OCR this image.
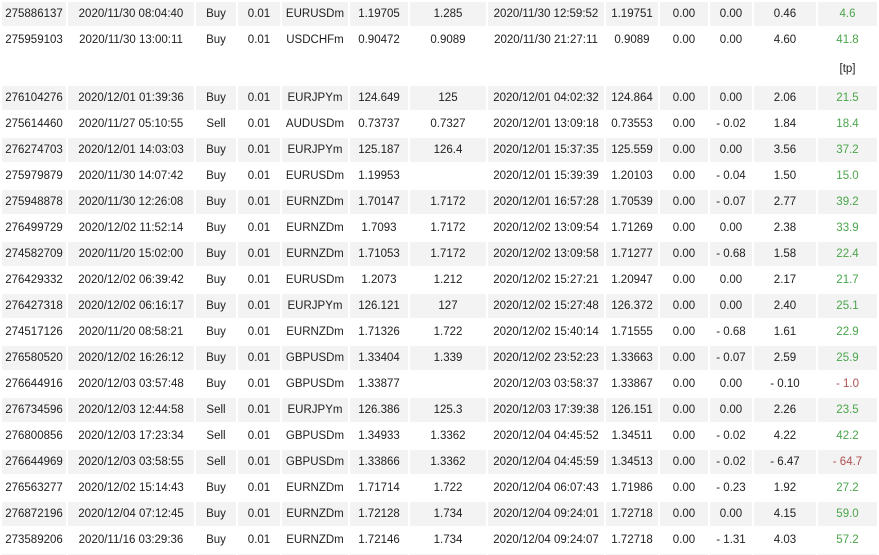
275886137	2020/11/30 08:04:40	Buy	0.01	EURUSDm	1.19705	1.285	2020/11/30 12:59:52	1.19751	0.00	0.00	0.46	4.6
275959103	2020/11/30 13:00:11	Buy	0.01	USDCHFm	0.90472	0.9089	2020/11/30 21:27:11	0.9089	0.00	0.00	4.60	41.8
												[tp]
276104276	2020/12/01 01:39:36	Buy	0.01	EURJPYm	124.649	125	2020/12/01 04:02:32	124.864	0.00	0.00	2.06	21.5
275614460	2020/11/27 05:10:55	Sell	0.01	AUDUSDm	0.73737	0.7327	2020/12/01 13:09:18	0.73553	0.00	- 0.02	1.84	18.4
276274703	2020/12/01 14:03:03	Buy	0.01	EURJPYm	125.187	126.4	2020/12/01 15:37:35	125.559	0.00	0.00	3.56	37.2
275979879	2020/11/30 14:07:42	Buy	0.01	EURUSDm	1.19953		2020/12/01 15:39:39	1.20103	0.00	- 0.04	1.50	15.0
275948878	2020/11/30 12:26:08	Buy	0.01	EURNZDm	1.70147	1.7172	2020/12/01 16:57:28	1.70539	0.00	- 0.07	2.77	39.2
276499729	2020/12/02 11:52:14	Buy	0.01	EURNZDm	1.7093	1.7172	2020/12/02 13:09:54	1.71269	0.00	0.00	2.38	33.9
274582709	2020/11/20 15:02:00	Buy	0.01	EURNZDm	1.71053	1.7172	2020/12/02 13:09:58	1.71277	0.00	- 0.68	1.58	22.4
276429332	2020/12/02 06:39:42	Buy	0.01	EURUSDm	1.2073	1.212	2020/12/02 15:27:21	1.20947	0.00	0.00	2.17	21.7
276427318	2020/12/02 06:16:17	Buy	0.01	EURJPYm	126.121	127	2020/12/02 15:27:48	126.372	0.00	0.00	2.40	25.1
274517126	2020/11/20 08:58:21	Buy	0.01	EURNZDm	1.71326	1.722	2020/12/02 15:40:14	1.71555	0.00	- 0.68	1.61	22.9
276580520	2020/12/02 16:26:12	Buy	0.01	GBPUSDm	1.33404	1.339	2020/12/02 23:52:23	1.33663	0.00	- 0.07	2.59	25.9
276644916	2020/12/03 03:57:48	Buy	0.01	GBPUSDm	1.33877		2020/12/03 03:58:37	1.33867	0.00	0.00	- 0.10	- 1.0
276734596	2020/12/03 12:44:58	Sell	0.01	EURJPYm	126.386	125.3	2020/12/03 17:39:38	126.151	0.00	0.00	2.26	23.5
276800856	2020/12/03 17:23:34	Sell	0.01	GBPUSDm	1.34933	1.3362	2020/12/04 04:45:52	1.34511	0.00	- 0.02	4.22	42.2
276644969	2020/12/03 03:58:55	Sell	0.01	GBPUSDm	1.33866	1.3362	2020/12/04 04:45:59	1.34513	0.00	- 0.02	- 6.47	- 64.7
276563277	2020/12/02 15:14:43	Buy	0.01	EURNZDm	1.71714	1.722	2020/12/04 06:07:43	1.71986	0.00	- 0.23	1.92	27.2
276872196	2020/12/04 07:12:45	Buy	0.01	EURNZDm	1.72128	1.734	2020/12/04 09:24:01	1.72718	0.00	0.00	4.15	59.0
273589206	2020/11/16 03:29:36	Buy	0.01	EURNZDm	1.72146	1.734	2020/12/04 09:24:07	1.72718	0.00	- 1.31	4.03	57.2
